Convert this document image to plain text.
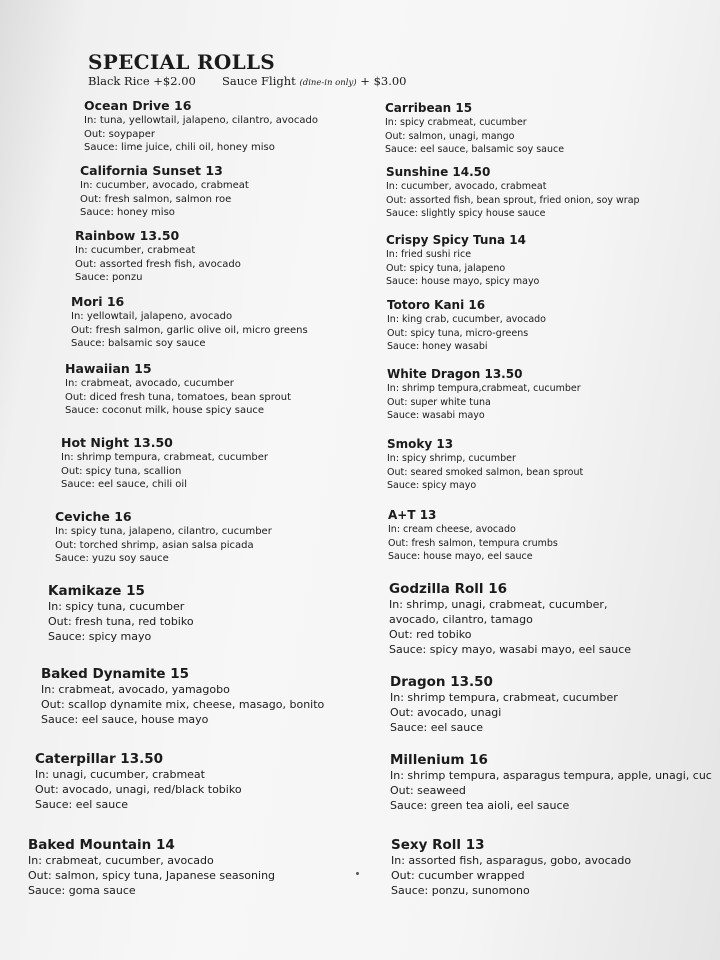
SPECIAL ROLLS
Black Rice +$2.00 Sauce Flight (dine-in only) + $3.00
Ocean Drive 16
In: tuna, yellowtail, jalapeno, cilantro, avocado
Out: soypaper
Sauce: lime juice, chili oil, honey miso
California Sunset 13
In: cucumber, avocado, crabmeat
Out: fresh salmon, salmon roe
Sauce: honey miso
Rainbow 13.50
In: cucumber, crabmeat
Out: assorted fresh fish, avocado
Sauce: ponzu
Mori 16
In: yellowtail, jalapeno, avocado
Out: fresh salmon, garlic olive oil, micro greens
Sauce: balsamic soy sauce
Hawaiian 15
In: crabmeat, avocado, cucumber
Out: diced fresh tuna, tomatoes, bean sprout
Sauce: coconut milk, house spicy sauce
Hot Night 13.50
In: shrimp tempura, crabmeat, cucumber
Out: spicy tuna, scallion
Sauce: eel sauce, chili oil
Ceviche 16
In: spicy tuna, jalapeno, cilantro, cucumber
Out: torched shrimp, asian salsa picada
Sauce: yuzu soy sauce
Kamikaze 15
In: spicy tuna, cucumber
Out: fresh tuna, red tobiko
Sauce: spicy mayo
Baked Dynamite 15
In: crabmeat, avocado, yamagobo
Out: scallop dynamite mix, cheese, masago, bonito
Sauce: eel sauce, house mayo
Caterpillar 13.50
In: unagi, cucumber, crabmeat
Out: avocado, unagi, red/black tobiko
Sauce: eel sauce
Baked Mountain 14
In: crabmeat, cucumber, avocado
Out: salmon, spicy tuna, Japanese seasoning
Sauce: goma sauce
Carribean 15
In: spicy crabmeat, cucumber
Out: salmon, unagi, mango
Sauce: eel sauce, balsamic soy sauce
Sunshine 14.50
In: cucumber, avocado, crabmeat
Out: assorted fish, bean sprout, fried onion, soy wrap
Sauce: slightly spicy house sauce
Crispy Spicy Tuna 14
In: fried sushi rice
Out: spicy tuna, jalapeno
Sauce: house mayo, spicy mayo
Totoro Kani 16
In: king crab, cucumber, avocado
Out: spicy tuna, micro-greens
Sauce: honey wasabi
White Dragon 13.50
In: shrimp tempura,crabmeat, cucumber
Out: super white tuna
Sauce: wasabi mayo
Smoky 13
In: spicy shrimp, cucumber
Out: seared smoked salmon, bean sprout
Sauce: spicy mayo
A+T 13
In: cream cheese, avocado
Out: fresh salmon, tempura crumbs
Sauce: house mayo, eel sauce
Godzilla Roll 16
In: shrimp, unagi, crabmeat, cucumber,
avocado, cilantro, tamago
Out: red tobiko
Sauce: spicy mayo, wasabi mayo, eel sauce
Dragon 13.50
In: shrimp tempura, crabmeat, cucumber
Out: avocado, unagi
Sauce: eel sauce
Millenium 16
In: shrimp tempura, asparagus tempura, apple, unagi, cuc
Out: seaweed
Sauce: green tea aioli, eel sauce
Sexy Roll 13
In: assorted fish, asparagus, gobo, avocado
Out: cucumber wrapped
Sauce: ponzu, sunomono
